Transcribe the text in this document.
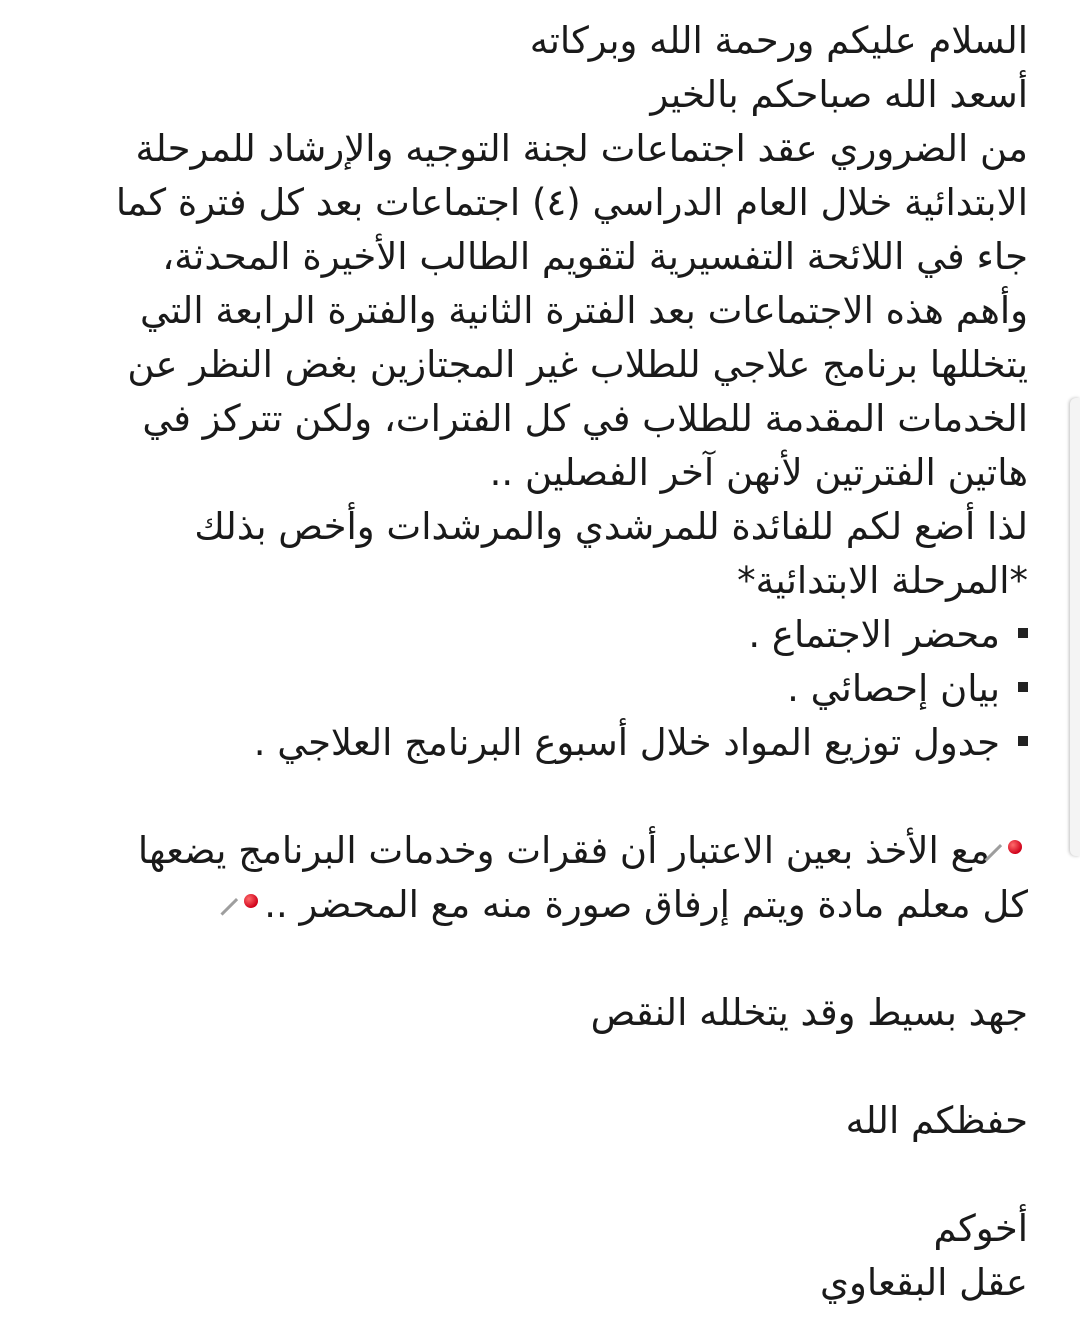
السلام عليكم ورحمة الله وبركاته
أسعد الله صباحكم بالخير
من الضروري عقد اجتماعات لجنة التوجيه والإرشاد للمرحلة
الابتدائية خلال العام الدراسي (٤) اجتماعات بعد كل فترة كما
جاء في اللائحة التفسيرية لتقويم الطالب الأخيرة المحدثة،
وأهم هذه الاجتماعات بعد الفترة الثانية والفترة الرابعة التي
يتخللها برنامج علاجي للطلاب غير المجتازين بغض النظر عن
الخدمات المقدمة للطلاب في كل الفترات، ولكن تتركز في
هاتين الفترتين لأنهن آخر الفصلين ..
لذا أضع لكم للفائدة للمرشدي والمرشدات وأخص بذلك
*المرحلة الابتدائية*
محضر الاجتماع .
بيان إحصائي .
جدول توزيع المواد خلال أسبوع البرنامج العلاجي .
مع الأخذ بعين الاعتبار أن فقرات وخدمات البرنامج يضعها
كل معلم مادة ويتم إرفاق صورة منه مع المحضر ..
جهد بسيط وقد يتخلله النقص
حفظكم الله
أخوكم
عقل البقعاوي
